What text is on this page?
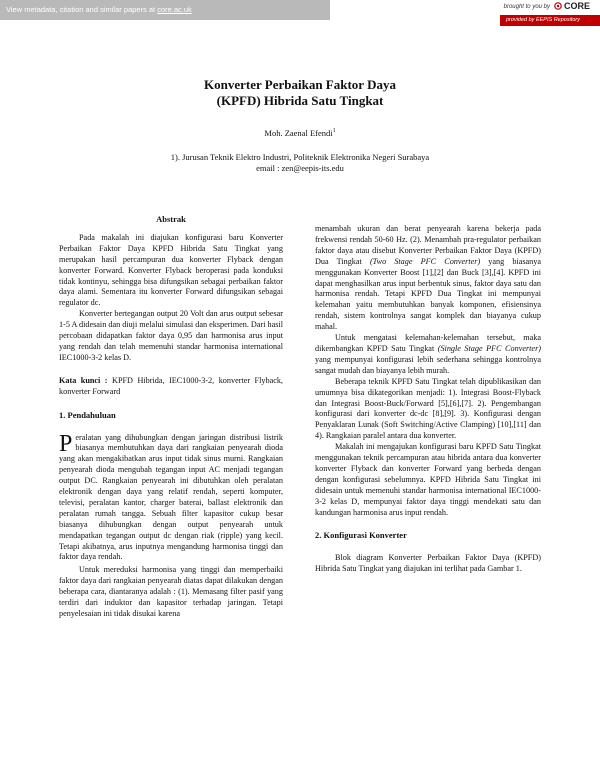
View metadata, citation and similar papers at core.ac.uk	brought to you by	CORE
provided by EEPIS Repository
Konverter Perbaikan Faktor Daya
(KPFD) Hibrida Satu Tingkat
Moh. Zaenal Efendi$^1$
1). Jurusan Teknik Elektro Industri, Politeknik Elektronika Negeri Surabaya
email : zen@eepis-its.edu

Abstrak

Pada makalah ini diajukan konfigurasi baru Konverter Perbaikan Faktor Daya KPFD Hibrida Satu Tingkat yang merupakan hasil percampuran dua konverter Flyback dengan konverter Forward. Konverter Flyback beroperasi pada konduksi tidak kontinyu, sehingga bisa difungsikan sebagai perbaikan faktor daya alami. Sementara itu konverter Forward difungsikan sebagai regulator dc.

Konverter bertegangan output 20 Volt dan arus output sebesar 1-5 A didesain dan diuji melalui simulasi dan eksperimen. Dari hasil percobaan didapatkan faktor daya 0,95 dan harmonisa arus input yang rendah dan telah memenuhi standar harmonisa international IEC1000-3-2 kelas D.

Kata kunci : KPFD Hibrida, IEC1000-3-2, konverter Flyback, konverter Forward

1. Pendahuluan

Peralatan yang dihubungkan dengan jaringan distribusi listrik biasanya membutuhkan daya dari rangkaian penyearah dioda yang akan mengakibatkan arus input tidak sinus murni. Rangkaian penyearah dioda mengubah tegangan input AC menjadi tegangan output DC. Rangkaian penyearah ini dibutuhkan oleh peralatan elektronik dengan daya yang relatif rendah, seperti komputer, televisi, peralatan kantor, charger baterai, ballast elektronik dan peralatan rumah tangga. Sebuah filter kapasitor cukup besar biasanya dihubungkan dengan output penyearah untuk mendapatkan tegangan output dc dengan riak (ripple) yang kecil. Tetapi akibatnya, arus inputnya mengandung harmonisa tinggi dan faktor daya rendah.

Untuk mereduksi harmonisa yang tinggi dan memperbaiki faktor daya dari rangkaian penyearah diatas dapat dilakukan dengan beberapa cara, diantaranya adalah : (1). Memasang filter pasif yang terdiri dari induktor dan kapasitor terhadap jaringan. Tetapi penyelesaian ini tidak disukai karena

menambah ukuran dan berat penyearah karena bekerja pada frekwensi rendah 50-60 Hz. (2). Menambah pra-regulator perbaikan faktor daya atau disebut Konverter Perbaikan Faktor Daya (KPFD) Dua Tingkat (Two Stage PFC Converter) yang biasanya menggunakan Konverter Boost [1],[2] dan Buck [3],[4]. KPFD ini dapat menghasilkan arus input berbentuk sinus, faktor daya satu dan harmonisa rendah. Tetapi KPFD Dua Tingkat ini mempunyai kelemahan yaitu membutuhkan banyak komponen, efisiensinya rendah, sistem kontrolnya sangat komplek dan biayanya cukup mahal.

Untuk mengatasi kelemahan-kelemahan tersebut, maka dikembangkan KPFD Satu Tingkat (Single Stage PFC Converter) yang mempunyai konfigurasi lebih sederhana sehingga kontrolnya sangat mudah dan biayanya lebih murah.

Beberapa teknik KPFD Satu Tingkat telah dipublikasikan dan umumnya bisa dikategorikan menjadi: 1). Integrasi Boost-Flyback dan Integrasi Boost-Buck/Forward [5],[6],[7]. 2). Pengembangan konfigurasi dari konverter dc-dc [8],[9]. 3). Konfigurasi dengan Penyaklaran Lunak (Soft Switching/Active Clamping) [10],[11] dan 4). Rangkaian paralel antara dua konverter.

Makalah ini mengajukan konfigurasi baru KPFD Satu Tingkat menggunakan teknik percampuran atau hibrida antara dua konverter konverter Flyback dan konverter Forward yang berbeda dengan dengan konfigurasi sebelumnya. KPFD Hibrida Satu Tingkat ini didesain untuk memenuhi standar harmonisa international IEC1000-3-2 kelas D, mempunyai faktor daya tinggi mendekati satu dan kandungan harmonisa arus input rendah.

2. Konfigurasi Konverter

Blok diagram Konverter Perbaikan Faktor Daya (KPFD) Hibrida Satu Tingkat yang diajukan ini terlihat pada Gambar 1.
